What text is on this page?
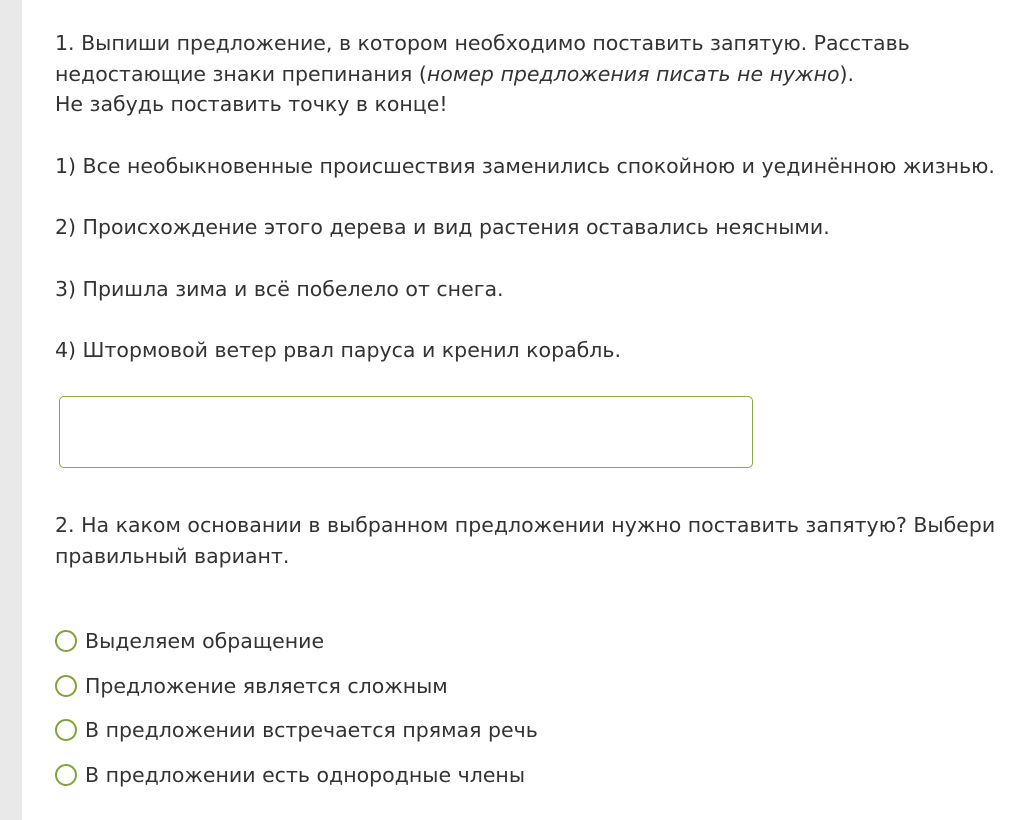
1. Выпиши предложение, в котором необходимо поставить запятую. Расставь
недостающие знаки препинания (номер предложения писать не нужно).
Не забудь поставить точку в конце!
1) Все необыкновенные происшествия заменились спокойною и уединённою жизнью.
2) Происхождение этого дерева и вид растения оставались неясными.
3) Пришла зима и всё побелело от снега.
4) Штормовой ветер рвал паруса и кренил корабль.
2. На каком основании в выбранном предложении нужно поставить запятую? Выбери
правильный вариант.
Выделяем обращение
Предложение является сложным
В предложении встречается прямая речь
В предложении есть однородные члены
